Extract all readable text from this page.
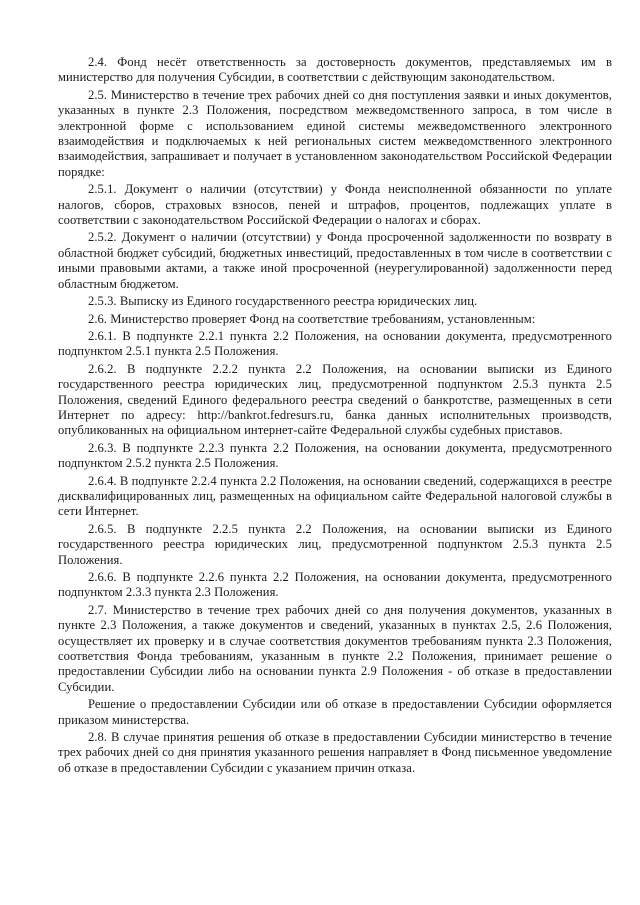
2.4. Фонд несёт ответственность за достоверность документов, представляемых им в министерство для получения Субсидии, в соответствии с действующим законодательством.

2.5. Министерство в течение трех рабочих дней со дня поступления заявки и иных документов, указанных в пункте 2.3 Положения, посредством межведомственного запроса, в том числе в электронной форме с использованием единой системы межведомственного электронного взаимодействия и подключаемых к ней региональных систем межведомственного электронного взаимодействия, запрашивает и получает в установленном законодательством Российской Федерации порядке:

2.5.1. Документ о наличии (отсутствии) у Фонда неисполненной обязанности по уплате налогов, сборов, страховых взносов, пеней и штрафов, процентов, подлежащих уплате в соответствии с законодательством Российской Федерации о налогах и сборах.

2.5.2. Документ о наличии (отсутствии) у Фонда просроченной задолженности по возврату в областной бюджет субсидий, бюджетных инвестиций, предоставленных в том числе в соответствии с иными правовыми актами, а также иной просроченной (неурегулированной) задолженности перед областным бюджетом.

2.5.3. Выписку из Единого государственного реестра юридических лиц.

2.6. Министерство проверяет Фонд на соответствие требованиям, установленным:

2.6.1. В подпункте 2.2.1 пункта 2.2 Положения, на основании документа, предусмотренного подпунктом 2.5.1 пункта 2.5 Положения.

2.6.2. В подпункте 2.2.2 пункта 2.2 Положения, на основании выписки из Единого государственного реестра юридических лиц, предусмотренной подпунктом 2.5.3 пункта 2.5 Положения, сведений Единого федерального реестра сведений о банкротстве, размещенных в сети Интернет по адресу: http://bankrot.fedresurs.ru, банка данных исполнительных производств, опубликованных на официальном интернет-сайте Федеральной службы судебных приставов.

2.6.3. В подпункте 2.2.3 пункта 2.2 Положения, на основании документа, предусмотренного подпунктом 2.5.2 пункта 2.5 Положения.

2.6.4. В подпункте 2.2.4 пункта 2.2 Положения, на основании сведений, содержащихся в реестре дисквалифицированных лиц, размещенных на официальном сайте Федеральной налоговой службы в сети Интернет.

2.6.5. В подпункте 2.2.5 пункта 2.2 Положения, на основании выписки из Единого государственного реестра юридических лиц, предусмотренной подпунктом 2.5.3 пункта 2.5 Положения.

2.6.6. В подпункте 2.2.6 пункта 2.2 Положения, на основании документа, предусмотренного подпунктом 2.3.3 пункта 2.3 Положения.

2.7. Министерство в течение трех рабочих дней со дня получения документов, указанных в пункте 2.3 Положения, а также документов и сведений, указанных в пунктах 2.5, 2.6 Положения, осуществляет их проверку и в случае соответствия документов требованиям пункта 2.3 Положения, соответствия Фонда требованиям, указанным в пункте 2.2 Положения, принимает решение о предоставлении Субсидии либо на основании пункта 2.9 Положения - об отказе в предоставлении Субсидии.

Решение о предоставлении Субсидии или об отказе в предоставлении Субсидии оформляется приказом министерства.

2.8. В случае принятия решения об отказе в предоставлении Субсидии министерство в течение трех рабочих дней со дня принятия указанного решения направляет в Фонд письменное уведомление об отказе в предоставлении Субсидии с указанием причин отказа.
